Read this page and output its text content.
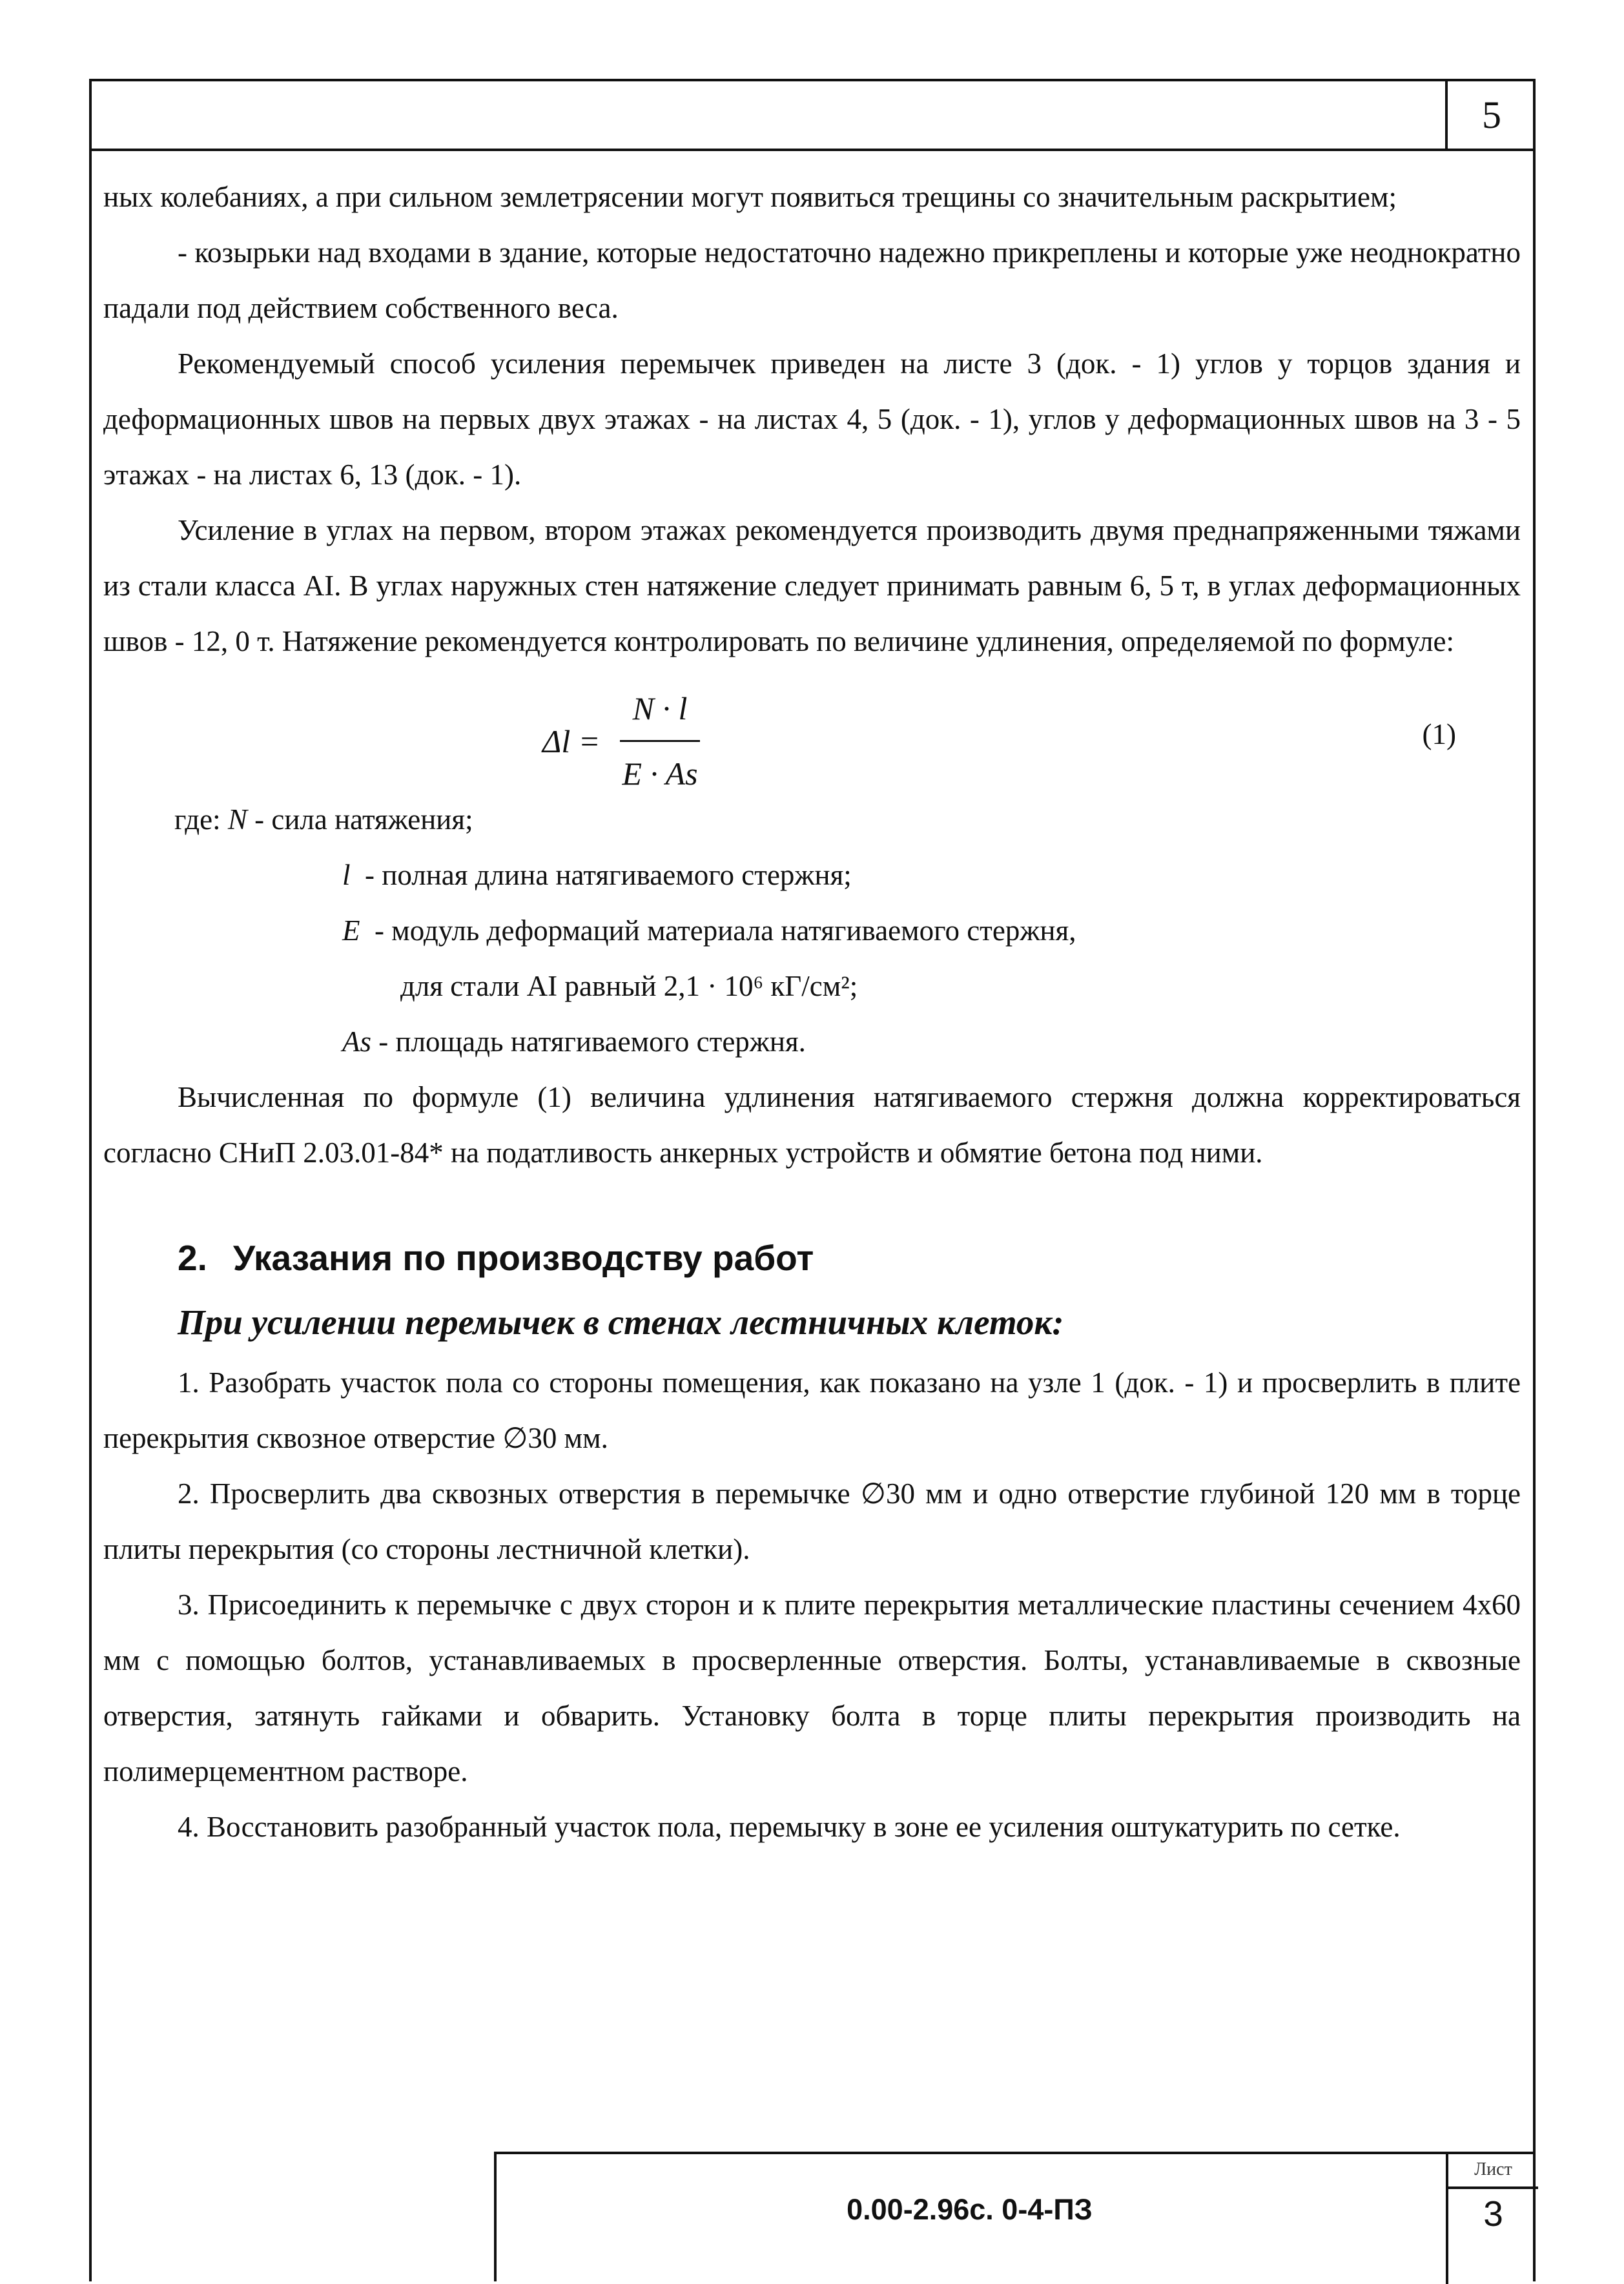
5

ных колебаниях, а при сильном землетрясении могут появиться трещины со значительным раскрытием;

- козырьки над входами в здание, которые недостаточно надежно прикреплены и которые уже неоднократно падали под действием собственного веса.

Рекомендуемый способ усиления перемычек приведен на листе 3 (док. - 1) углов у торцов здания и деформационных швов на первых двух этажах - на листах 4, 5 (док. - 1), углов у деформационных швов на 3 - 5 этажах - на листах 6, 13 (док. - 1).

Усиление в углах на первом, втором этажах рекомендуется производить двумя преднапряженными тяжами из стали класса AI. В углах наружных стен натяжение следует принимать равным 6, 5 т, в углах деформационных швов - 12, 0 т. Натяжение рекомендуется контролировать по величине удлинения, определяемой по формуле:

$\Delta l = \frac{N \cdot l}{E \cdot As}$	(1)
где:
N
- сила натяжения;
l
- полная длина натягиваемого стержня;
E
- модуль деформаций материала натягиваемого стержня,
для стали AI равный 2,1 · 10⁶ кГ/см²;
As
- площадь натягиваемого стержня.

Вычисленная по формуле (1) величина удлинения натягиваемого стержня должна корректироваться согласно СНиП 2.03.01-84* на податливость анкерных устройств и обмятие бетона под ними.

2. Указания по производству работ
При усилении перемычек в стенах лестничных клеток:

1. Разобрать участок пола со стороны помещения, как показано на узле 1 (док. - 1) и просверлить в плите перекрытия сквозное отверстие ∅30 мм.

2. Просверлить два сквозных отверстия в перемычке ∅30 мм и одно отверстие глубиной 120 мм в торце плиты перекрытия (со стороны лестничной клетки).

3. Присоединить к перемычке с двух сторон и к плите перекрытия металлические пластины сечением 4х60 мм с помощью болтов, устанавливаемых в просверленные отверстия. Болты, устанавливаемые в сквозные отверстия, затянуть гайками и обварить. Установку болта в торце плиты перекрытия производить на полимерцементном растворе.

4. Восстановить разобранный участок пола, перемычку в зоне ее усиления оштукатурить по сетке.

0.00-2.96с. 0-4-ПЗ
Лист
3
